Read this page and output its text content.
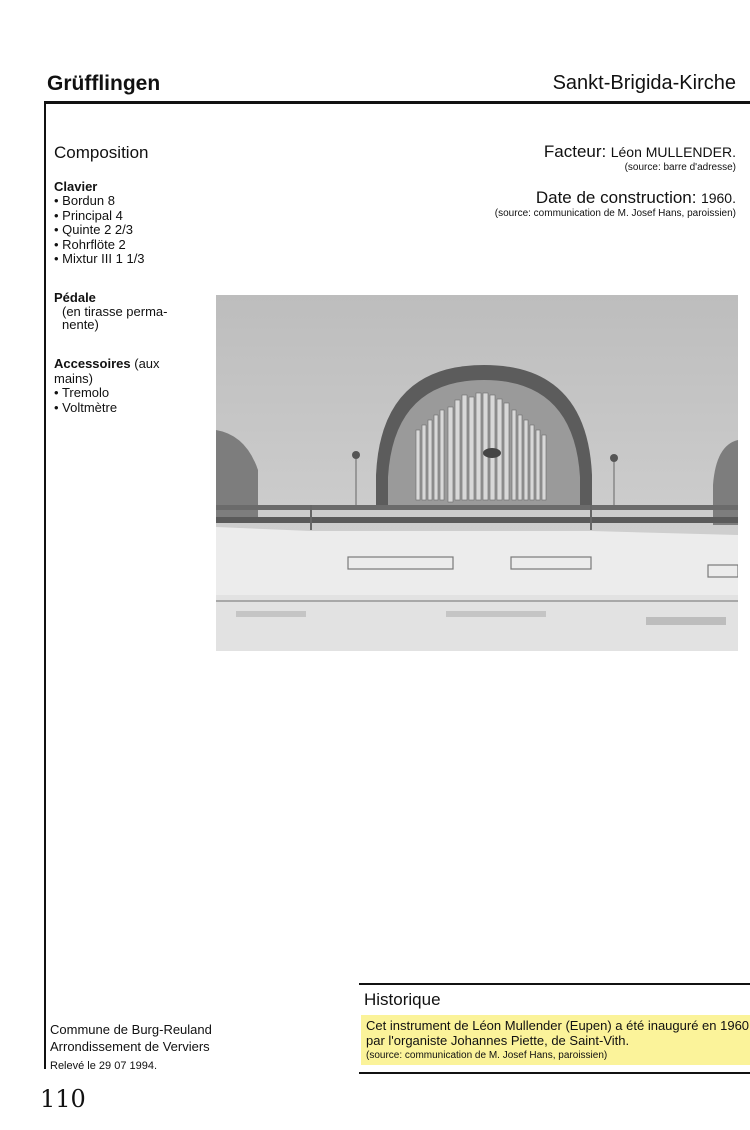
Grüfflingen	Sankt-Brigida-Kirche
Composition
Clavier
• Bordun 8
• Principal 4
• Quinte 2 2/3
• Rohrflöte 2
• Mixtur III 1 1/3
Pédale
(en tirasse perma-nente)
Accessoires (aux mains)
• Tremolo
• Voltmètre
Facteur: Léon MULLENDER.
(source: barre d'adresse)
Date de construction: 1960.
(source: communication de M. Josef Hans, paroissien)
Historique
Cet instrument de Léon Mullender (Eupen) a été inauguré en 1960 par l'organiste Johannes Piette, de Saint-Vith.
(source: communication de M. Josef Hans, paroissien)
Commune de Burg-Reuland
Arrondissement de Verviers
Relevé le 29 07 1994.
110
